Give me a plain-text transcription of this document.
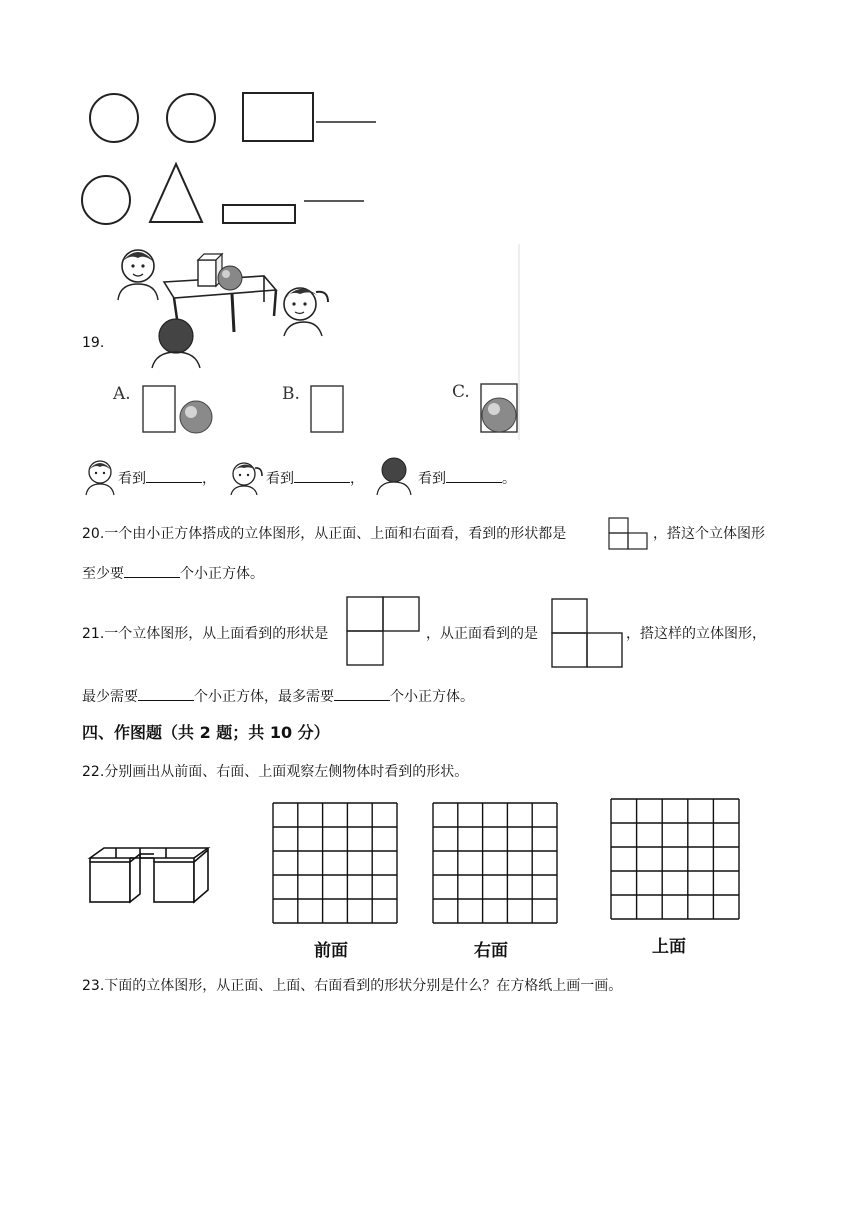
19.
A.	B.	C.
看到	，	看到	，	看到	。
20.一个由小正方体搭成的立体图形，从正面、上面和右面看，看到的形状都是	，搭这个立体图形
至少要	个小正方体。
21.一个立体图形，从上面看到的形状是	，从正面看到的是	，搭这样的立体图形，
最少需要	个小正方体，最多需要	个小正方体。
四、作图题（共 2 题；共 10 分）
22.分别画出从前面、右面、上面观察左侧物体时看到的形状。
前面	右面	上面
23.下面的立体图形，从正面、上面、右面看到的形状分别是什么？在方格纸上画一画。
